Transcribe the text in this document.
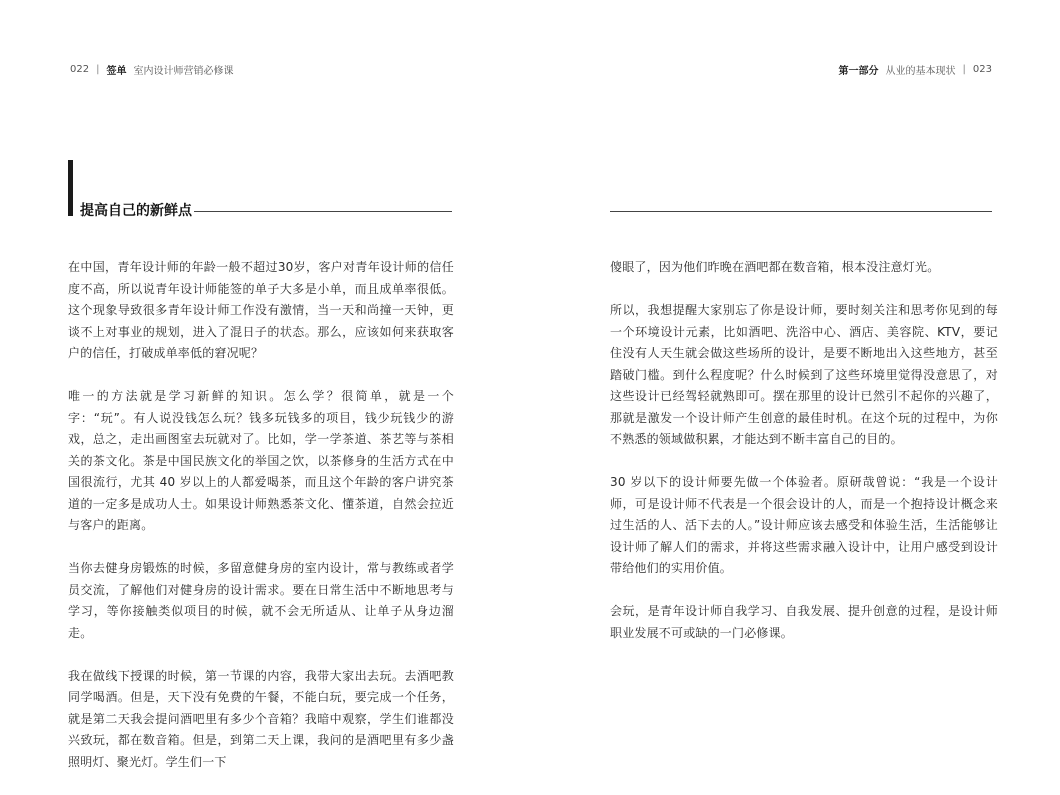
022 | 签单 室内设计师营销必修课
提高自己的新鲜点

在中国，青年设计师的年龄一般不超过30岁，客户对青年设计师的信任度不高，所以说青年设计师能签的单子大多是小单，而且成单率很低。这个现象导致很多青年设计师工作没有激情，当一天和尚撞一天钟，更谈不上对事业的规划，进入了混日子的状态。那么，应该如何来获取客户的信任，打破成单率低的窘况呢？

唯一的方法就是学习新鲜的知识。怎么学？很简单，就是一个字：“玩”。有人说没钱怎么玩？钱多玩钱多的项目，钱少玩钱少的游戏，总之，走出画图室去玩就对了。比如，学一学茶道、茶艺等与茶相关的茶文化。茶是中国民族文化的举国之饮，以茶修身的生活方式在中国很流行，尤其 40 岁以上的人都爱喝茶，而且这个年龄的客户讲究茶道的一定多是成功人士。如果设计师熟悉茶文化、懂茶道，自然会拉近与客户的距离。

当你去健身房锻炼的时候，多留意健身房的室内设计，常与教练或者学员交流，了解他们对健身房的设计需求。要在日常生活中不断地思考与学习，等你接触类似项目的时候，就不会无所适从、让单子从身边溜走。

我在做线下授课的时候，第一节课的内容，我带大家出去玩。去酒吧教同学喝酒。但是，天下没有免费的午餐，不能白玩，要完成一个任务，就是第二天我会提问酒吧里有多少个音箱？我暗中观察，学生们谁都没兴致玩，都在数音箱。但是，到第二天上课，我问的是酒吧里有多少盏照明灯、聚光灯。学生们一下

第一部分 从业的基本现状 | 023

傻眼了，因为他们昨晚在酒吧都在数音箱，根本没注意灯光。

所以，我想提醒大家别忘了你是设计师，要时刻关注和思考你见到的每一个环境设计元素，比如酒吧、洗浴中心、酒店、美容院、KTV，要记住没有人天生就会做这些场所的设计，是要不断地出入这些地方，甚至踏破门槛。到什么程度呢？什么时候到了这些环境里觉得没意思了，对这些设计已经驾轻就熟即可。摆在那里的设计已然引不起你的兴趣了，那就是激发一个设计师产生创意的最佳时机。在这个玩的过程中，为你不熟悉的领域做积累，才能达到不断丰富自己的目的。

30 岁以下的设计师要先做一个体验者。原研哉曾说：“我是一个设计师，可是设计师不代表是一个很会设计的人，而是一个抱持设计概念来过生活的人、活下去的人。”设计师应该去感受和体验生活，生活能够让设计师了解人们的需求，并将这些需求融入设计中，让用户感受到设计带给他们的实用价值。

会玩，是青年设计师自我学习、自我发展、提升创意的过程，是设计师职业发展不可或缺的一门必修课。
